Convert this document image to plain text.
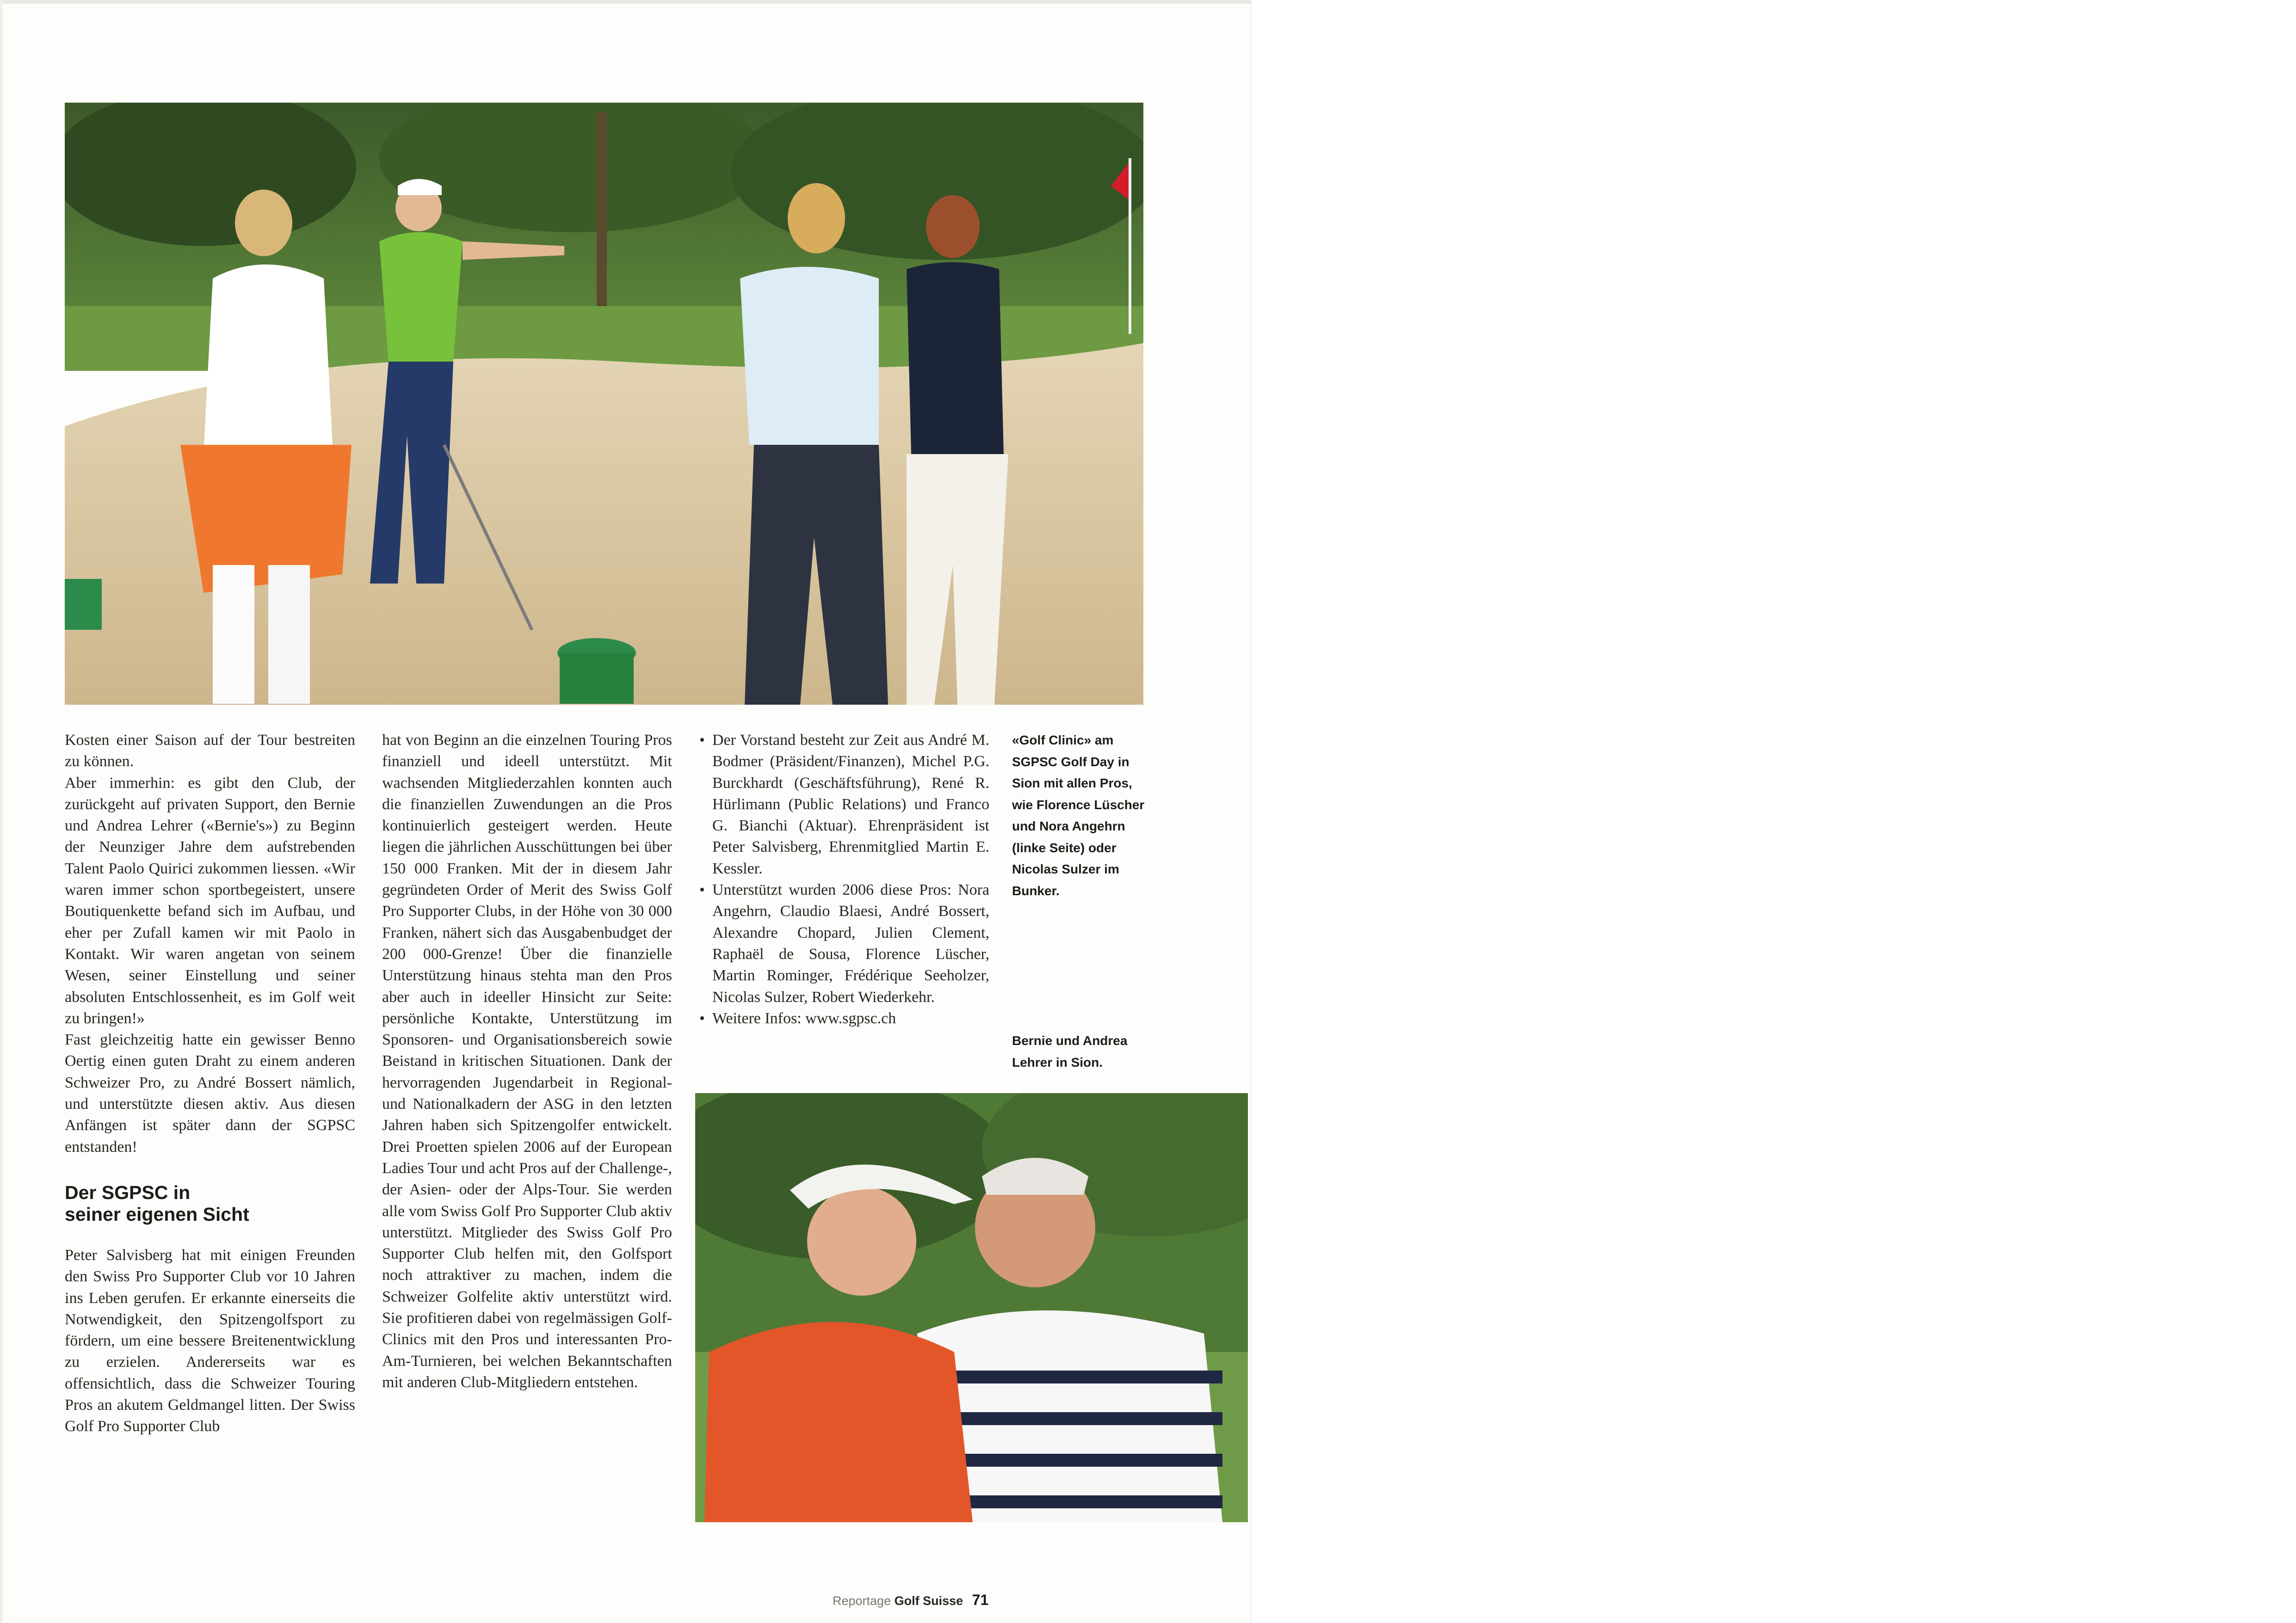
Kosten einer Saison auf der Tour bestreiten zu können.

Aber immerhin: es gibt den Club, der zurückgeht auf privaten Support, den Bernie und Andrea Lehrer («Bernie's») zu Beginn der Neunziger Jahre dem aufstrebenden Talent Paolo Quirici zukommen liessen. «Wir waren immer schon sportbegeistert, unsere Boutiquenkette befand sich im Aufbau, und eher per Zufall kamen wir mit Paolo in Kontakt. Wir waren angetan von seinem Wesen, seiner Einstellung und seiner absoluten Entschlossenheit, es im Golf weit zu bringen!»

Fast gleichzeitig hatte ein gewisser Benno Oertig einen guten Draht zu einem anderen Schweizer Pro, zu André Bossert nämlich, und unterstützte diesen aktiv. Aus diesen Anfängen ist später dann der SGPSC entstanden!

Der SGPSC in
seiner eigenen Sicht

Peter Salvisberg hat mit einigen Freunden den Swiss Pro Supporter Club vor 10 Jahren ins Leben gerufen. Er erkannte einerseits die Notwendigkeit, den Spitzengolfsport zu fördern, um eine bessere Breitenentwicklung zu erzielen. Andererseits war es offensichtlich, dass die Schweizer Touring Pros an akutem Geldmangel litten. Der Swiss Golf Pro Supporter Club

hat von Beginn an die einzelnen Touring Pros finanziell und ideell unterstützt. Mit wachsenden Mitgliederzahlen konnten auch die finanziellen Zuwendungen an die Pros kontinuierlich gesteigert werden. Heute liegen die jährlichen Ausschüttungen bei über 150 000 Franken. Mit der in diesem Jahr gegründeten Order of Merit des Swiss Golf Pro Supporter Clubs, in der Höhe von 30 000 Franken, nähert sich das Ausgabenbudget der 200 000-Grenze! Über die finanzielle Unterstützung hinaus stehta man den Pros aber auch in ideeller Hinsicht zur Seite: persönliche Kontakte, Unterstützung im Sponsoren- und Organisationsbereich sowie Beistand in kritischen Situationen. Dank der hervorragenden Jugendarbeit in Regional- und Nationalkadern der ASG in den letzten Jahren haben sich Spitzengolfer entwickelt. Drei Proetten spielen 2006 auf der European Ladies Tour und acht Pros auf der Challenge-, der Asien- oder der Alps-Tour. Sie werden alle vom Swiss Golf Pro Supporter Club aktiv unterstützt. Mitglieder des Swiss Golf Pro Supporter Club helfen mit, den Golfsport noch attraktiver zu machen, indem die Schweizer Golfelite aktiv unterstützt wird. Sie profitieren dabei von regelmässigen Golf-Clinics mit den Pros und interessanten Pro-Am-Turnieren, bei welchen Bekanntschaften mit anderen Club-Mitgliedern entstehen.

• Der Vorstand besteht zur Zeit aus André M. Bodmer (Präsident/Finanzen), Michel P.G. Burckhardt (Geschäftsführung), René R. Hürlimann (Public Relations) und Franco G. Bianchi (Aktuar). Ehrenpräsident ist Peter Salvisberg, Ehrenmitglied Martin E. Kessler.
• Unterstützt wurden 2006 diese Pros: Nora Angehrn, Claudio Blaesi, André Bossert, Alexandre Chopard, Julien Clement, Raphaël de Sousa, Florence Lüscher, Martin Rominger, Frédérique Seeholzer, Nicolas Sulzer, Robert Wiederkehr.
• Weitere Infos: www.sgpsc.ch

«Golf Clinic» am SGPSC Golf Day in Sion mit allen Pros, wie Florence Lüscher und Nora Angehrn (linke Seite) oder Nicolas Sulzer im Bunker.

Bernie und Andrea Lehrer in Sion.

Reportage Golf Suisse 71
